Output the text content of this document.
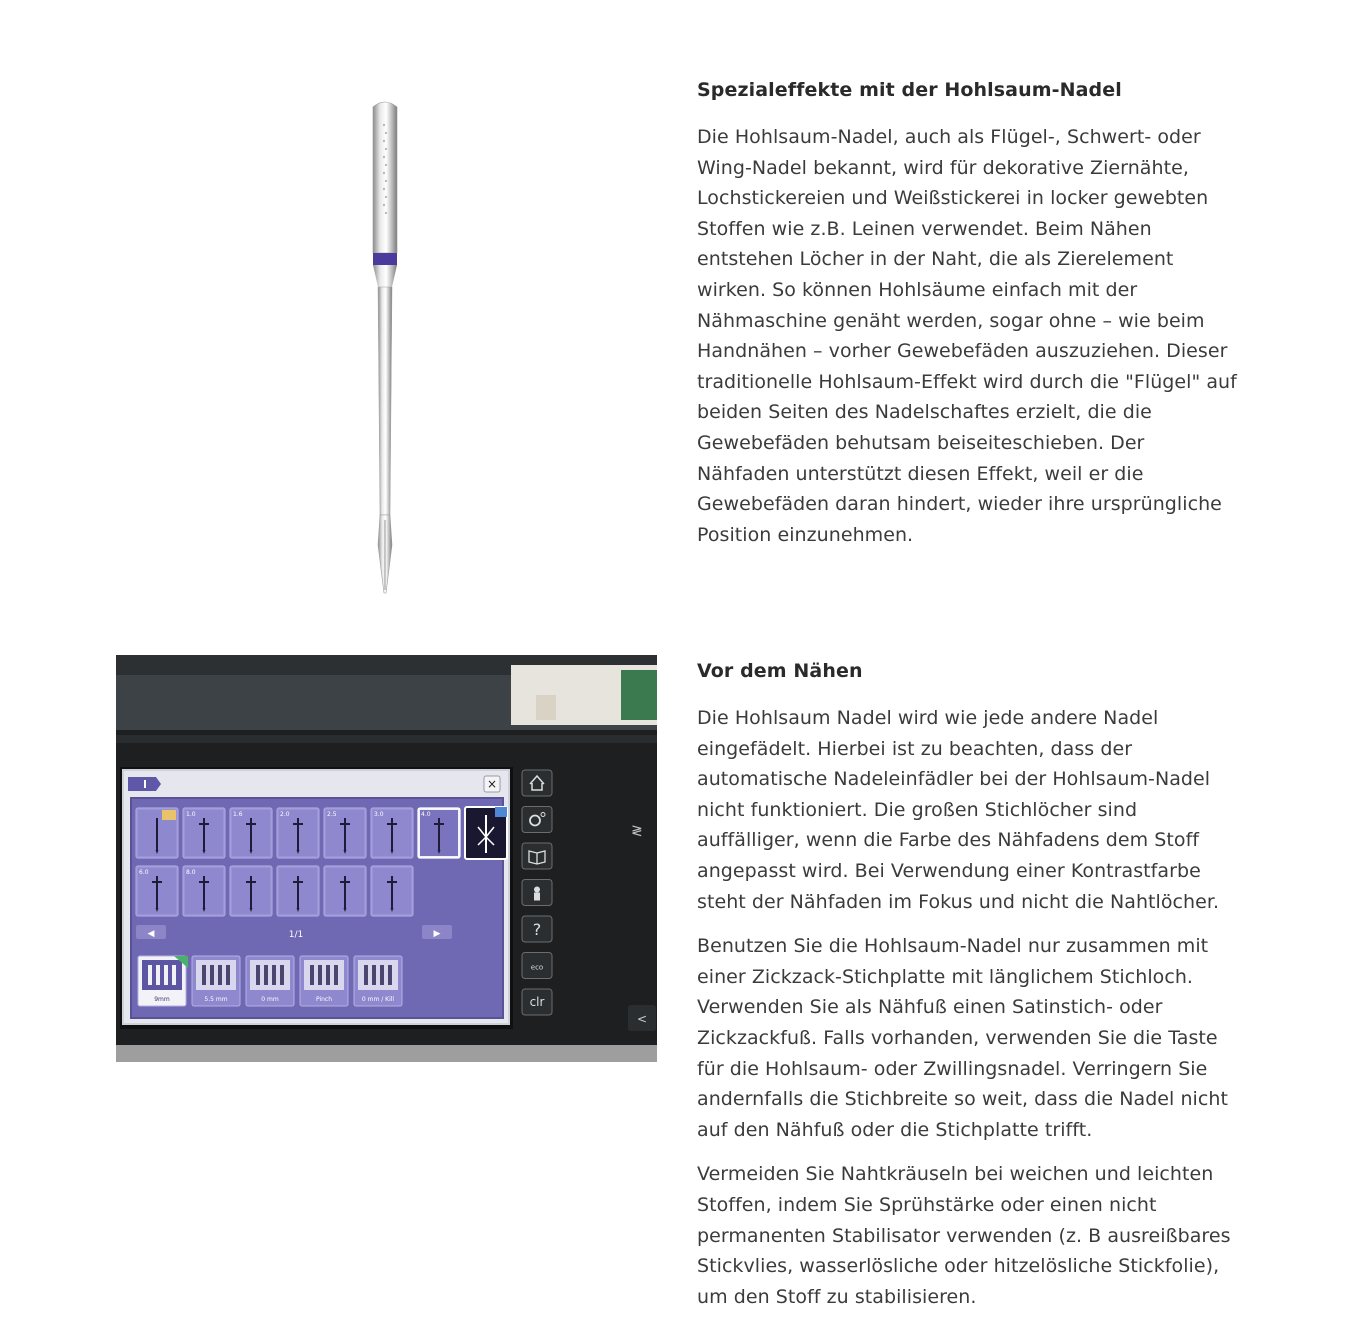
Spezialeffekte mit der Hohlsaum-Nadel

Die Hohlsaum-Nadel, auch als Flügel-, Schwert- oder Wing-Nadel bekannt, wird für dekorative Ziernähte, Lochstickereien und Weißstickerei in locker gewebten Stoffen wie z.B. Leinen verwendet. Beim Nähen entstehen Löcher in der Naht, die als Zierelement wirken. So können Hohlsäume einfach mit der Nähmaschine genäht werden, sogar ohne – wie beim Handnähen – vorher Gewebefäden auszuziehen. Dieser traditionelle Hohlsaum-Effekt wird durch die "Flügel" auf beiden Seiten des Nadelschaftes erzielt, die die Gewebefäden behutsam beiseiteschieben. Der Nähfaden unterstützt diesen Effekt, weil er die Gewebefäden daran hindert, wieder ihre ursprüngliche Position einzunehmen.

×
1.0	1.6	2.0	2.5	3.0	4.0
6.0	8.0
◀	1/1	▶
9mm	5.5 mm	0 mm	Pinch	0 mm / Kill
?
eco
clr
≷
<
Vor dem Nähen

Die Hohlsaum Nadel wird wie jede andere Nadel eingefädelt. Hierbei ist zu beachten, dass der automatische Nadeleinfädler bei der Hohlsaum-Nadel nicht funktioniert. Die großen Stichlöcher sind auffälliger, wenn die Farbe des Nähfadens dem Stoff angepasst wird. Bei Verwendung einer Kontrastfarbe steht der Nähfaden im Fokus und nicht die Nahtlöcher.

Benutzen Sie die Hohlsaum-Nadel nur zusammen mit einer Zickzack-Stichplatte mit länglichem Stichloch. Verwenden Sie als Nähfuß einen Satinstich- oder Zickzackfuß. Falls vorhanden, verwenden Sie die Taste für die Hohlsaum- oder Zwillingsnadel. Verringern Sie andernfalls die Stichbreite so weit, dass die Nadel nicht auf den Nähfuß oder die Stichplatte trifft.

Vermeiden Sie Nahtkräuseln bei weichen und leichten Stoffen, indem Sie Sprühstärke oder einen nicht permanenten Stabilisator verwenden (z. B ausreißbares Stickvlies, wasserlösliche oder hitzelösliche Stickfolie), um den Stoff zu stabilisieren.
